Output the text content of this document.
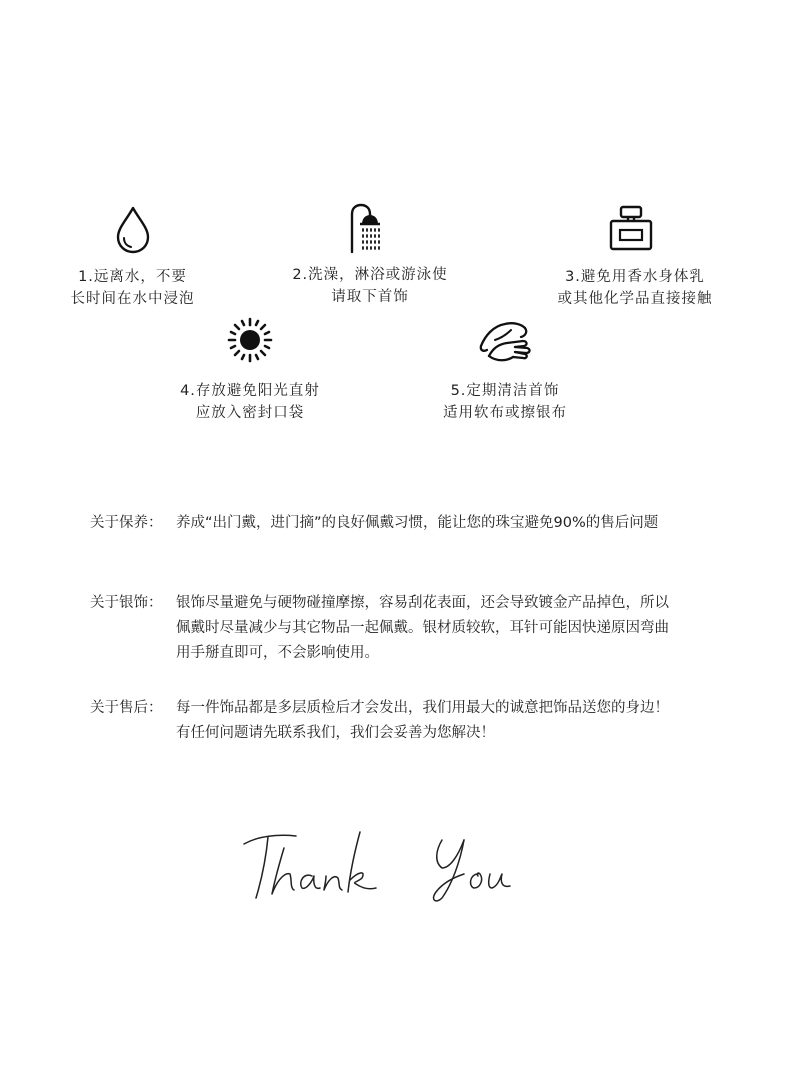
1.远离水，不要
长时间在水中浸泡
2.洗澡，淋浴或游泳使
请取下首饰
3.避免用香水身体乳
或其他化学品直接接触
4.存放避免阳光直射
应放入密封口袋
5.定期清洁首饰
适用软布或擦银布
关于保养： 养成“出门戴，进门摘”的良好佩戴习惯，能让您的珠宝避免90%的售后问题
关于银饰： 银饰尽量避免与硬物碰撞摩擦，容易刮花表面，还会导致镀金产品掉色，所以
佩戴时尽量减少与其它物品一起佩戴。银材质较软，耳针可能因快递原因弯曲
用手掰直即可，不会影响使用。
关于售后： 每一件饰品都是多层质检后才会发出，我们用最大的诚意把饰品送您的身边！
有任何问题请先联系我们，我们会妥善为您解决！
